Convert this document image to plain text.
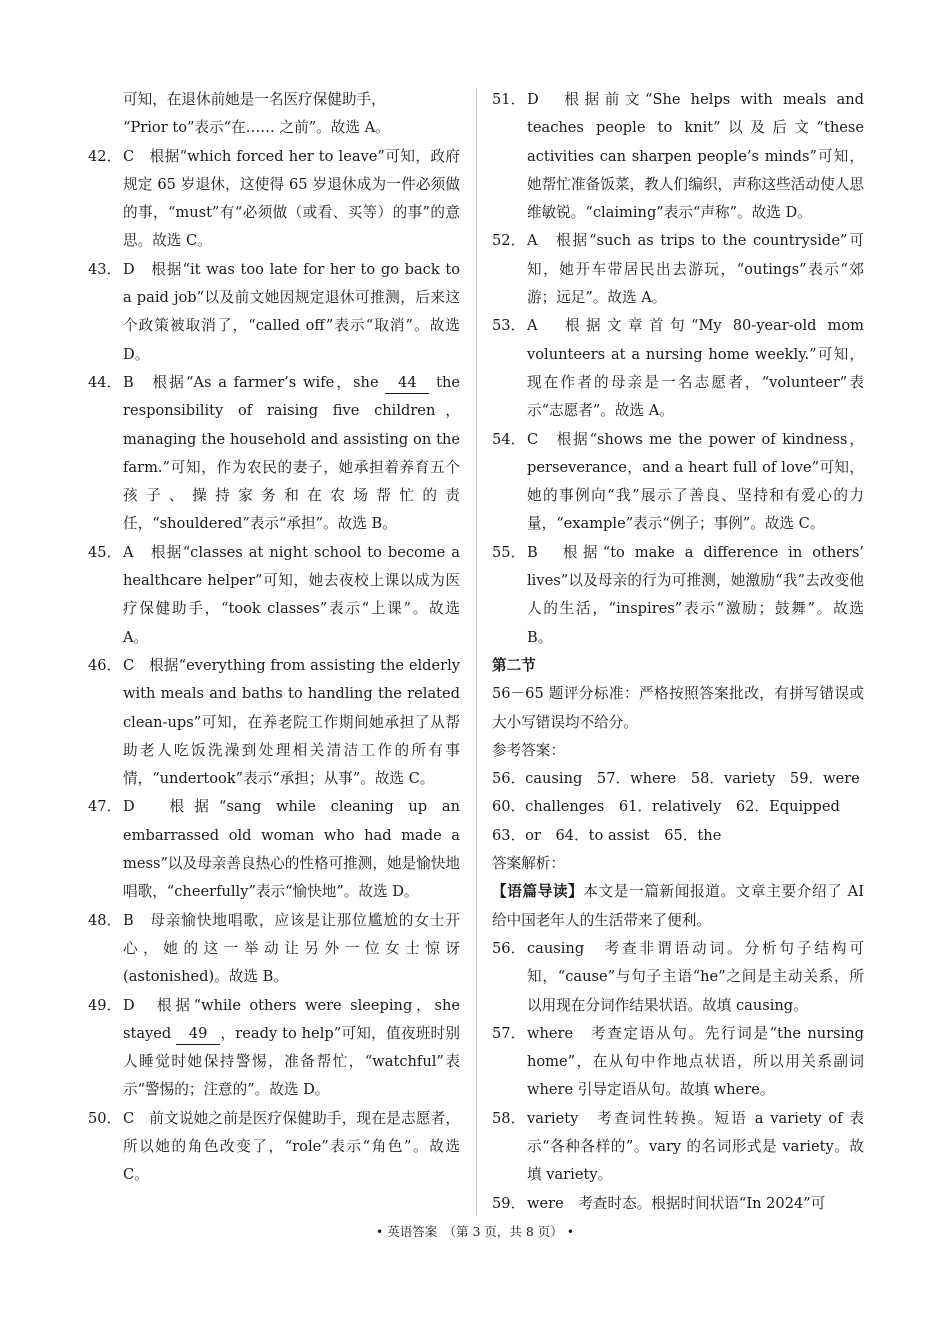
可知，在退休前她是一名医疗保健助手，
“Prior to”表示“在…… 之前”。故选 A。
42． C　根据“which forced her to leave”可知，政府规定 65 岁退休，这使得 65 岁退休成为一件必须做的事，“must”有“必须做（或看、买等）的事”的意思。故选 C。
43． D　根据“it was too late for her to go back to a paid job”以及前文她因规定退休可推测，后来这个政策被取消了，“called off”表示“取消”。故选 D。
44． B　根据“As a farmer’s wife，she 44 the responsibility of raising five children，managing the household and assisting on the farm.”可知，作为农民的妻子，她承担着养育五个孩子、操持家务和在农场帮忙的责任，“shouldered”表示“承担”。故选 B。
45． A　根据“classes at night school to become a healthcare helper”可知，她去夜校上课以成为医疗保健助手，“took classes”表示“上课”。故选 A。
46． C　根据“everything from assisting the elderly with meals and baths to handling the related clean-ups”可知，在养老院工作期间她承担了从帮助老人吃饭洗澡到处理相关清洁工作的所有事情，“undertook”表示“承担；从事”。故选 C。
47． D　根据“sang while cleaning up an embarrassed old woman who had made a mess”以及母亲善良热心的性格可推测，她是愉快地唱歌，“cheerfully”表示“愉快地”。故选 D。
48． B　母亲愉快地唱歌，应该是让那位尴尬的女士开心，她的这一举动让另外一位女士惊讶(astonished)。故选 B。
49． D　根据“while others were sleeping，she stayed 49 ，ready to help”可知，值夜班时别人睡觉时她保持警惕，准备帮忙，“watchful”表示“警惕的；注意的”。故选 D。
50． C　前文说她之前是医疗保健助手，现在是志愿者，所以她的角色改变了，“role”表示“角色”。故选 C。
51． D　根据前文“She helps with meals and teaches people to knit”以及后文“these activities can sharpen people’s minds”可知，她帮忙准备饭菜，教人们编织，声称这些活动使人思维敏锐。“claiming”表示“声称”。故选 D。
52． A　根据“such as trips to the countryside”可知，她开车带居民出去游玩，“outings”表示“郊游；远足”。故选 A。
53． A　根据文章首句“My 80-year-old mom volunteers at a nursing home weekly.”可知，现在作者的母亲是一名志愿者，“volunteer”表示“志愿者”。故选 A。
54． C　根据“shows me the power of kindness，perseverance，and a heart full of love”可知，她的事例向“我”展示了善良、坚持和有爱心的力量，“example”表示“例子；事例”。故选 C。
55． B　根据“to make a difference in others’ lives”以及母亲的行为可推测，她激励“我”去改变他人的生活，“inspires”表示“激励；鼓舞”。故选 B。
第二节
56－65 题评分标准：严格按照答案批改，有拼写错误或大小写错误均不给分。
参考答案：
56．causing　57．where　58．variety　59．were
60．challenges　61．relatively　62．Equipped
63．or　64．to assist　65．the
答案解析：
【语篇导读】本文是一篇新闻报道。文章主要介绍了 AI 给中国老年人的生活带来了便利。
56． causing　考查非谓语动词。分析句子结构可知，“cause”与句子主语“he”之间是主动关系，所以用现在分词作结果状语。故填 causing。
57． where　考查定语从句。先行词是“the nursing home”，在从句中作地点状语，所以用关系副词 where 引导定语从句。故填 where。
58． variety　考查词性转换。短语 a variety of 表示“各种各样的”。vary 的名词形式是 variety。故填 variety。
59． were　考查时态。根据时间状语“In 2024”可
• 英语答案　（第 3 页，共 8 页） •
